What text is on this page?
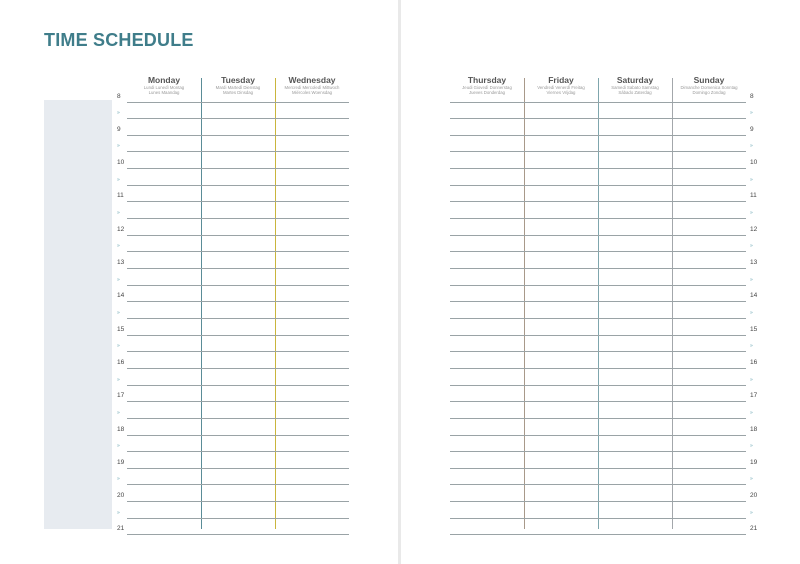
TIME SCHEDULE
Monday
Lundi Lunedì Montag
Lunes Maandag
Tuesday
Mardi Martedì Dienstag
Martes Dinsdag
Wednesday
Mercredi Mercoledì Mittwoch
Miércoles Woensdag
8
»
9
»
10
»
11
»
12
»
13
»
14
»
15
»
16
»
17
»
18
»
19
»
20
»
21
Thursday
Jeudi Giovedì Donnerstag
Jueves Donderdag
Friday
Vendredi Venerdì Freitag
Viernes Vrijdag
Saturday
Samedi Sabato Samstag
Sábado Zaterdag
Sunday
Dimanche Domenica Sonntag
Domingo Zondag	8
»
9
»
10
»
11
»
12
»
13
»
14
»
15
»
16
»
17
»
18
»
19
»
20
»
21
